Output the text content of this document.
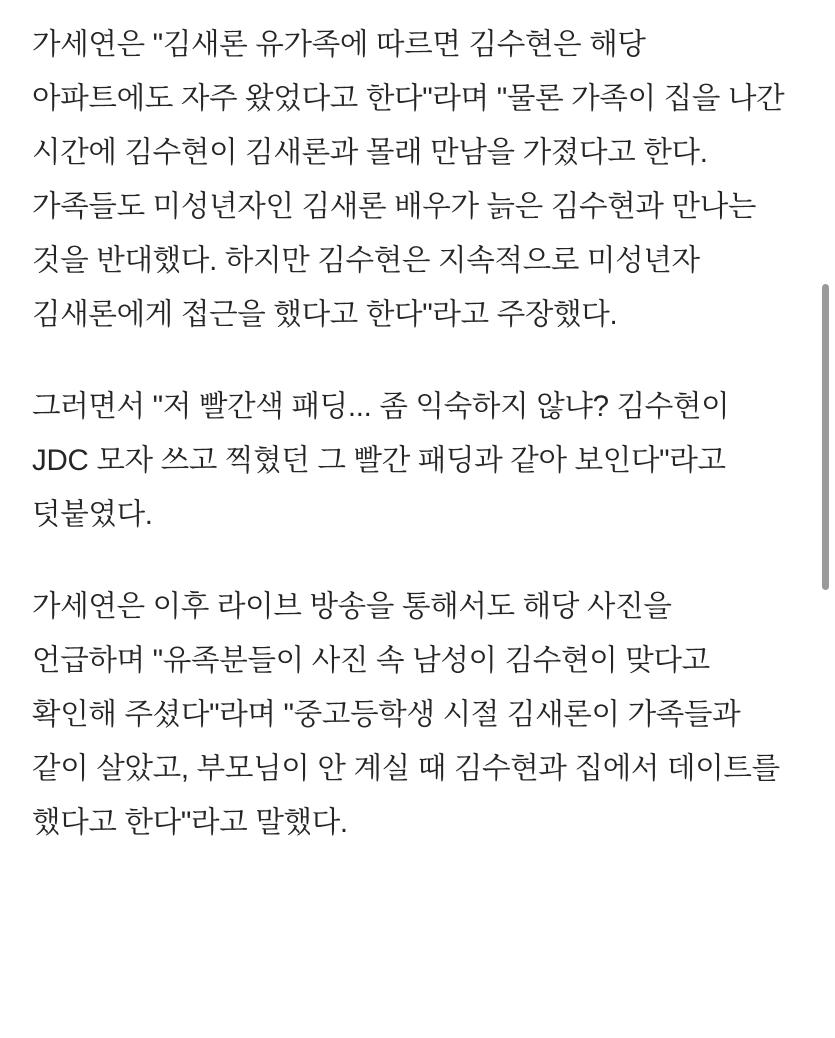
가세연은 "김새론 유가족에 따르면 김수현은 해당 아파트에도 자주 왔었다고 한다"라며 "물론 가족이 집을 나간 시간에 김수현이 김새론과 몰래 만남을 가졌다고 한다. 가족들도 미성년자인 김새론 배우가 늙은 김수현과 만나는 것을 반대했다. 하지만 김수현은 지속적으로 미성년자 김새론에게 접근을 했다고 한다"라고 주장했다.

그러면서 "저 빨간색 패딩... 좀 익숙하지 않냐? 김수현이 JDC 모자 쓰고 찍혔던 그 빨간 패딩과 같아 보인다"라고 덧붙였다.

가세연은 이후 라이브 방송을 통해서도 해당 사진을 언급하며 "유족분들이 사진 속 남성이 김수현이 맞다고 확인해 주셨다"라며 "중고등학생 시절 김새론이 가족들과 같이 살았고, 부모님이 안 계실 때 김수현과 집에서 데이트를 했다고 한다"라고 말했다.
